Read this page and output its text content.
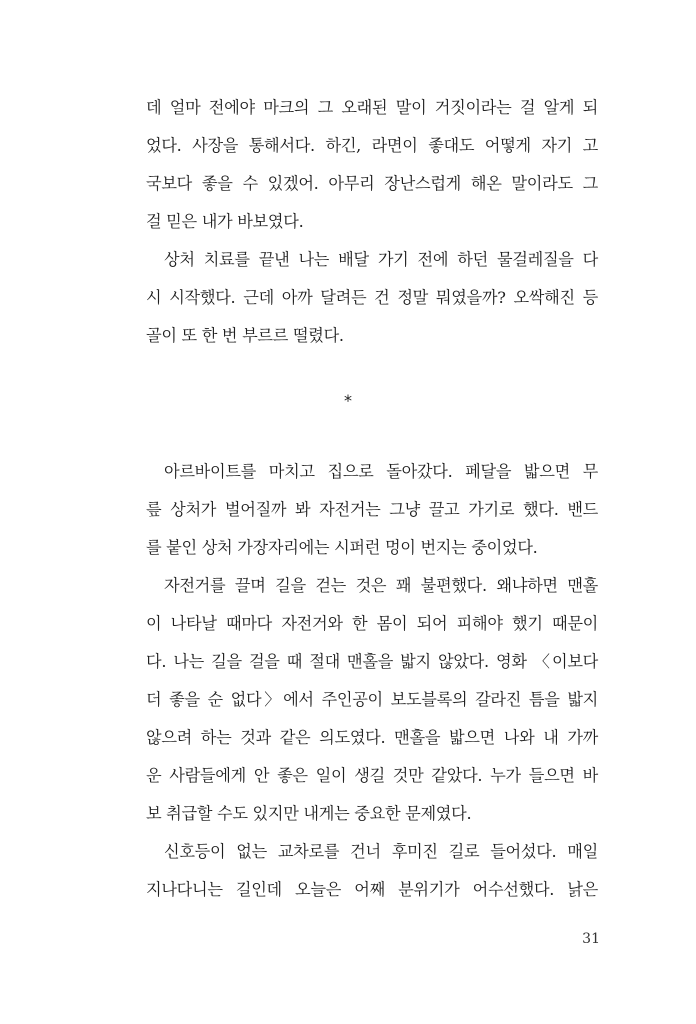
데 얼마 전에야 마크의 그 오래된 말이 거짓이라는 걸 알게 되
었다. 사장을 통해서다. 하긴, 라면이 좋대도 어떻게 자기 고
국보다 좋을 수 있겠어. 아무리 장난스럽게 해온 말이라도 그
걸 믿은 내가 바보였다.
상처 치료를 끝낸 나는 배달 가기 전에 하던 물걸레질을 다
시 시작했다. 근데 아까 달려든 건 정말 뭐였을까? 오싹해진 등
골이 또 한 번 부르르 떨렸다.
*
아르바이트를 마치고 집으로 돌아갔다. 페달을 밟으면 무
릎 상처가 벌어질까 봐 자전거는 그냥 끌고 가기로 했다. 밴드
를 붙인 상처 가장자리에는 시퍼런 멍이 번지는 중이었다.
자전거를 끌며 길을 걷는 것은 꽤 불편했다. 왜냐하면 맨홀
이 나타날 때마다 자전거와 한 몸이 되어 피해야 했기 때문이
다. 나는 길을 걸을 때 절대 맨홀을 밟지 않았다. 영화 〈이보다
더 좋을 순 없다〉에서 주인공이 보도블록의 갈라진 틈을 밟지
않으려 하는 것과 같은 의도였다. 맨홀을 밟으면 나와 내 가까
운 사람들에게 안 좋은 일이 생길 것만 같았다. 누가 들으면 바
보 취급할 수도 있지만 내게는 중요한 문제였다.
신호등이 없는 교차로를 건너 후미진 길로 들어섰다. 매일
지나다니는 길인데 오늘은 어째 분위기가 어수선했다. 낡은
31
